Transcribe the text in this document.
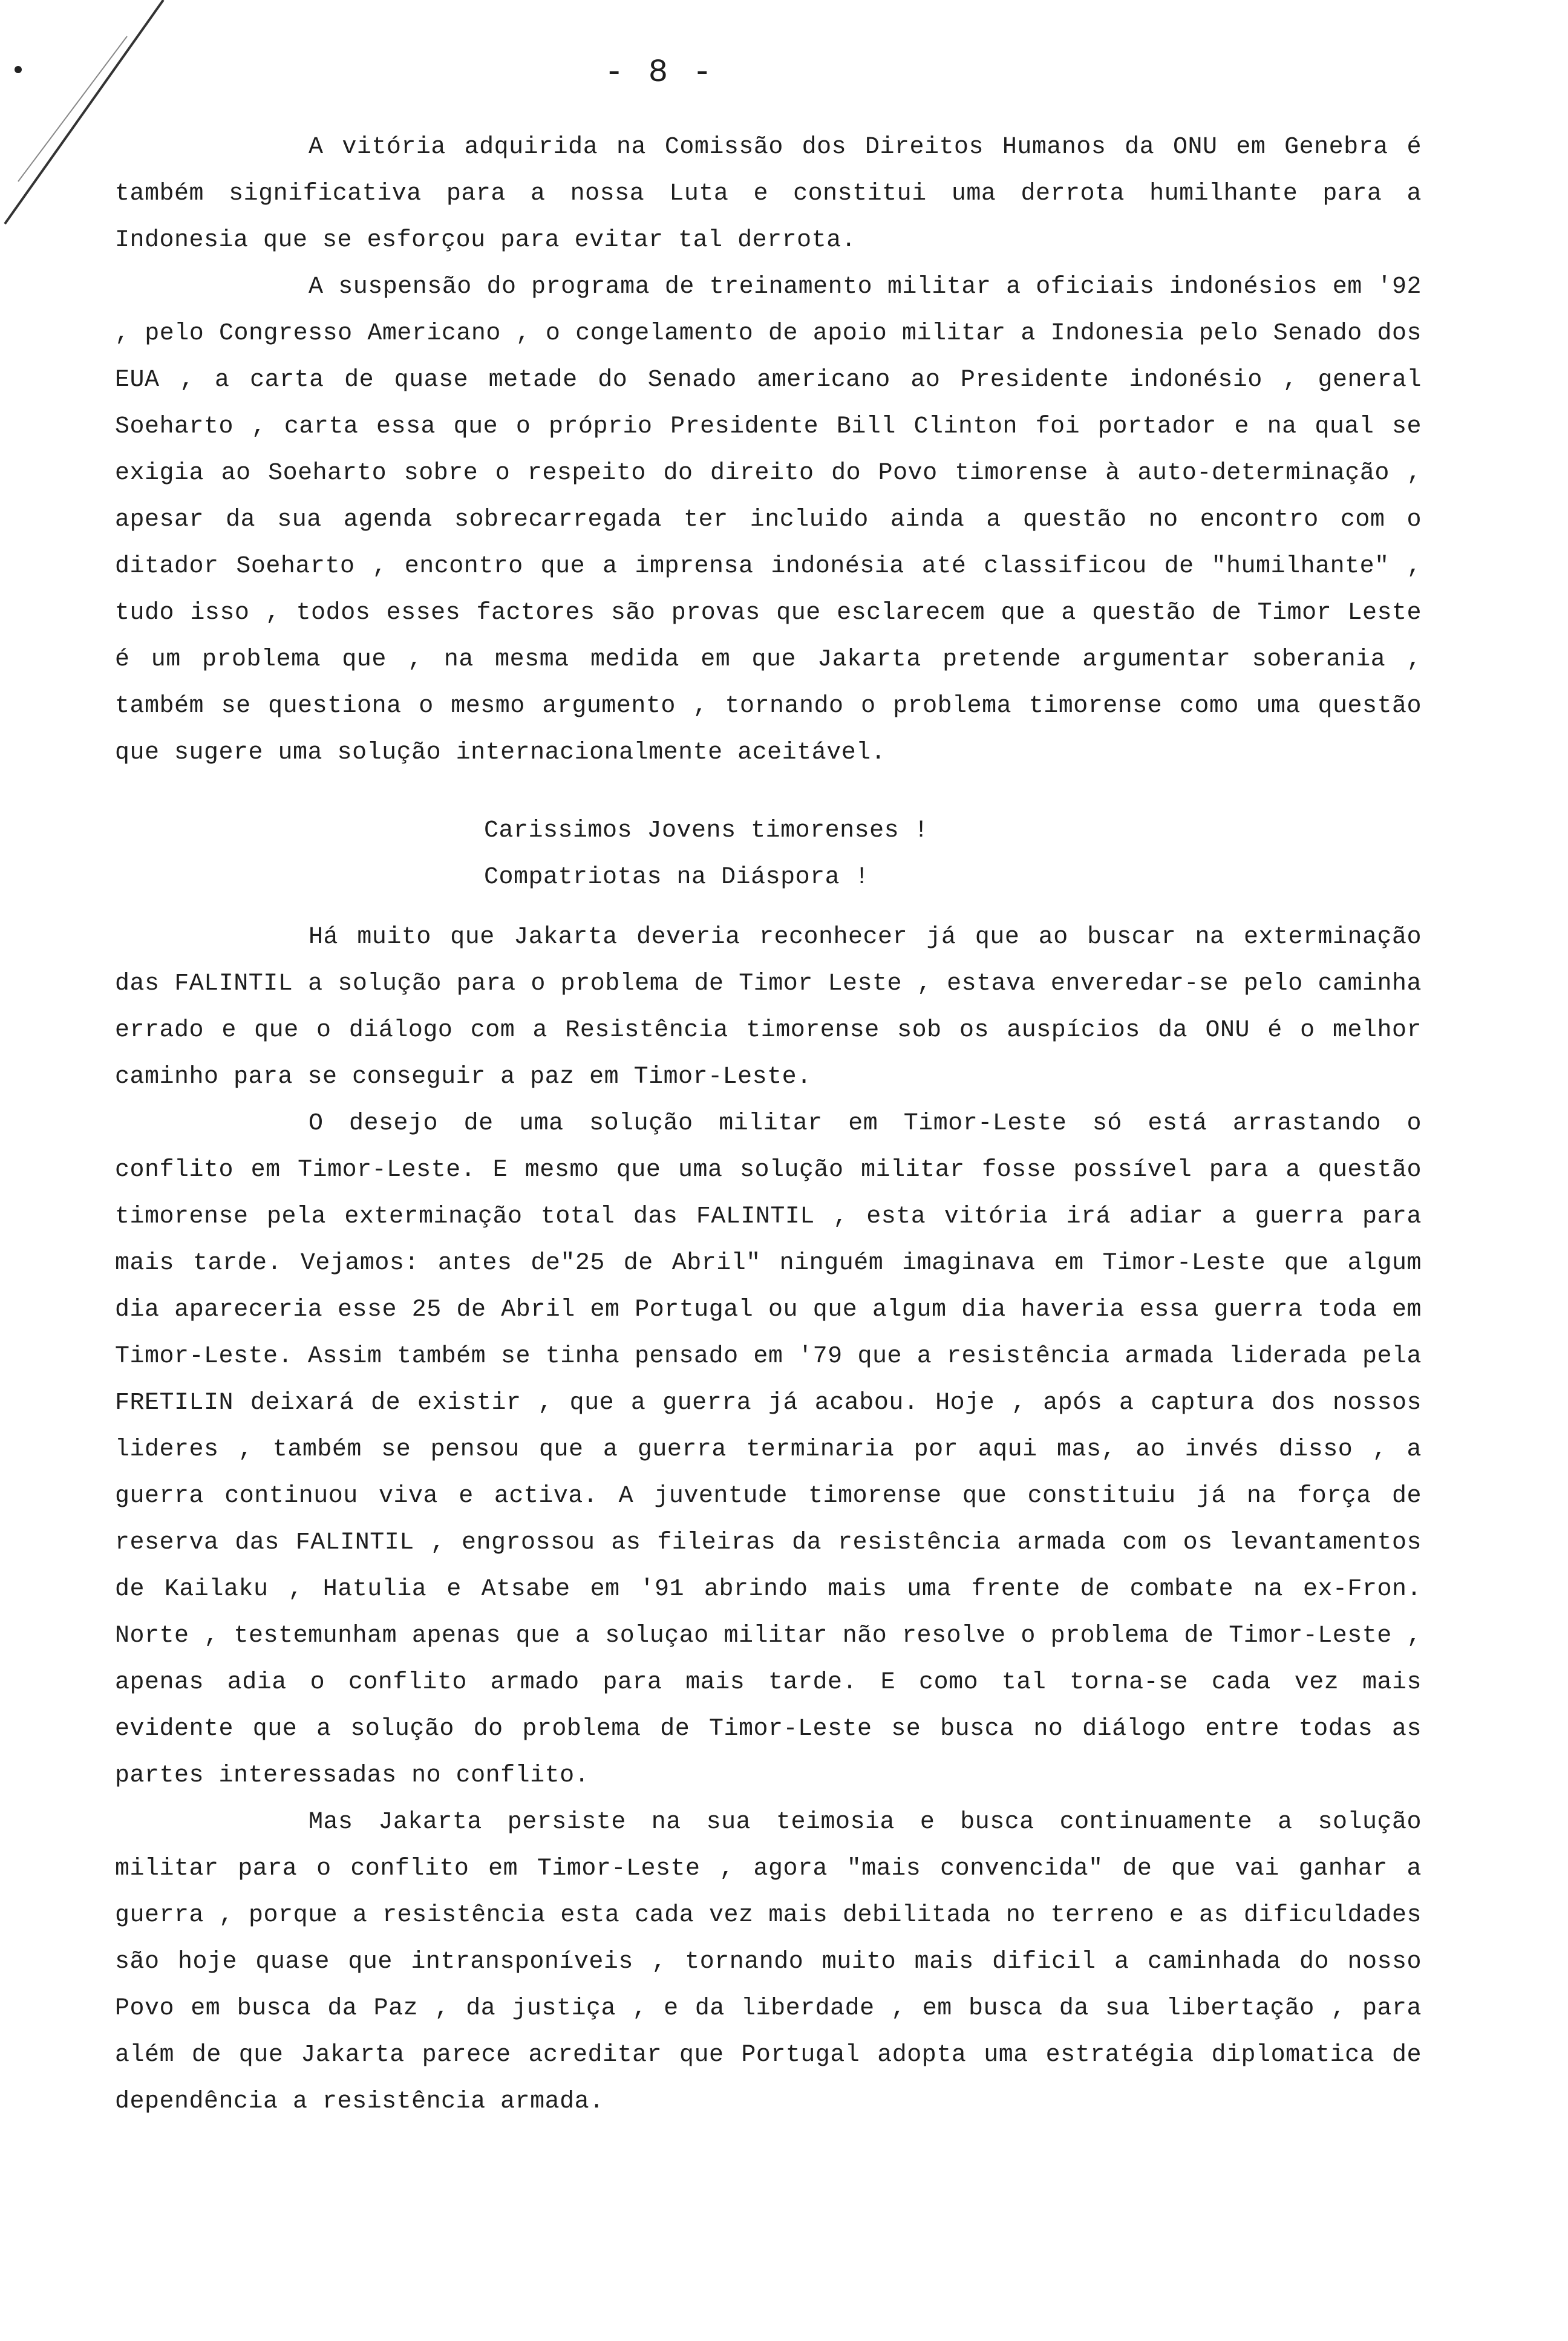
- 8 -

A vitória adquirida na Comissão dos Direitos Humanos da ONU em Genebra é também significativa para a nossa Luta e constitui uma derrota humilhante para a Indonesia que se esforçou para evitar tal derrota.

A suspensão do programa de treinamento militar a oficiais indonésios em '92 , pelo Congresso Americano , o congelamento de apoio militar a Indonesia pelo Senado dos EUA , a carta de quase metade do Senado americano ao Presidente indonésio , general Soeharto , carta essa que o próprio Presidente Bill Clinton foi portador e na qual se exigia ao Soeharto sobre o respeito do direito do Povo timorense à auto-determinação , apesar da sua agenda sobrecarregada ter incluido ainda a questão no encontro com o ditador Soeharto , encontro que a imprensa indonésia até classificou de "humilhante" , tudo isso , todos esses factores são provas que esclarecem que a questão de Timor Leste é um problema que , na mesma medida em que Jakarta pretende argumentar soberania , também se questiona o mesmo argumento , tornando o problema timorense como uma questão que sugere uma solução internacionalmente aceitável.

Carissimos Jovens timorenses !
Compatriotas na Diáspora !

Há muito que Jakarta deveria reconhecer já que ao buscar na exterminação das FALINTIL a solução para o problema de Timor Leste , estava enveredar-se pelo caminha errado e que o diálogo com a Resistência timorense sob os auspícios da ONU é o melhor caminho para se conseguir a paz em Timor-Leste.

O desejo de uma solução militar em Timor-Leste só está arrastando o conflito em Timor-Leste. E mesmo que uma solução militar fosse possível para a questão timorense pela exterminação total das FALINTIL , esta vitória irá adiar a guerra para mais tarde. Vejamos: antes de"25 de Abril" ninguém imaginava em Timor-Leste que algum dia apareceria esse 25 de Abril em Portugal ou que algum dia haveria essa guerra toda em Timor-Leste. Assim também se tinha pensado em '79 que a resistência armada liderada pela FRETILIN deixará de existir , que a guerra já acabou. Hoje , após a captura dos nossos lideres , também se pensou que a guerra terminaria por aqui mas, ao invés disso , a guerra continuou viva e activa. A juventude timorense que constituiu já na força de reserva das FALINTIL , engrossou as fileiras da resistência armada com os levantamentos de Kailaku , Hatulia e Atsabe em '91 abrindo mais uma frente de combate na ex-Fron. Norte , testemunham apenas que a soluçao militar não resolve o problema de Timor-Leste , apenas adia o conflito armado para mais tarde. E como tal torna-se cada vez mais evidente que a solução do problema de Timor-Leste se busca no diálogo entre todas as partes interessadas no conflito.

Mas Jakarta persiste na sua teimosia e busca continuamente a solução militar para o conflito em Timor-Leste , agora "mais convencida" de que vai ganhar a guerra , porque a resistência esta cada vez mais debilitada no terreno e as dificuldades são hoje quase que intransponíveis , tornando muito mais dificil a caminhada do nosso Povo em busca da Paz , da justiça , e da liberdade , em busca da sua libertação , para além de que Jakarta parece acreditar que Portugal adopta uma estratégia diplomatica de dependência a resistência armada.
